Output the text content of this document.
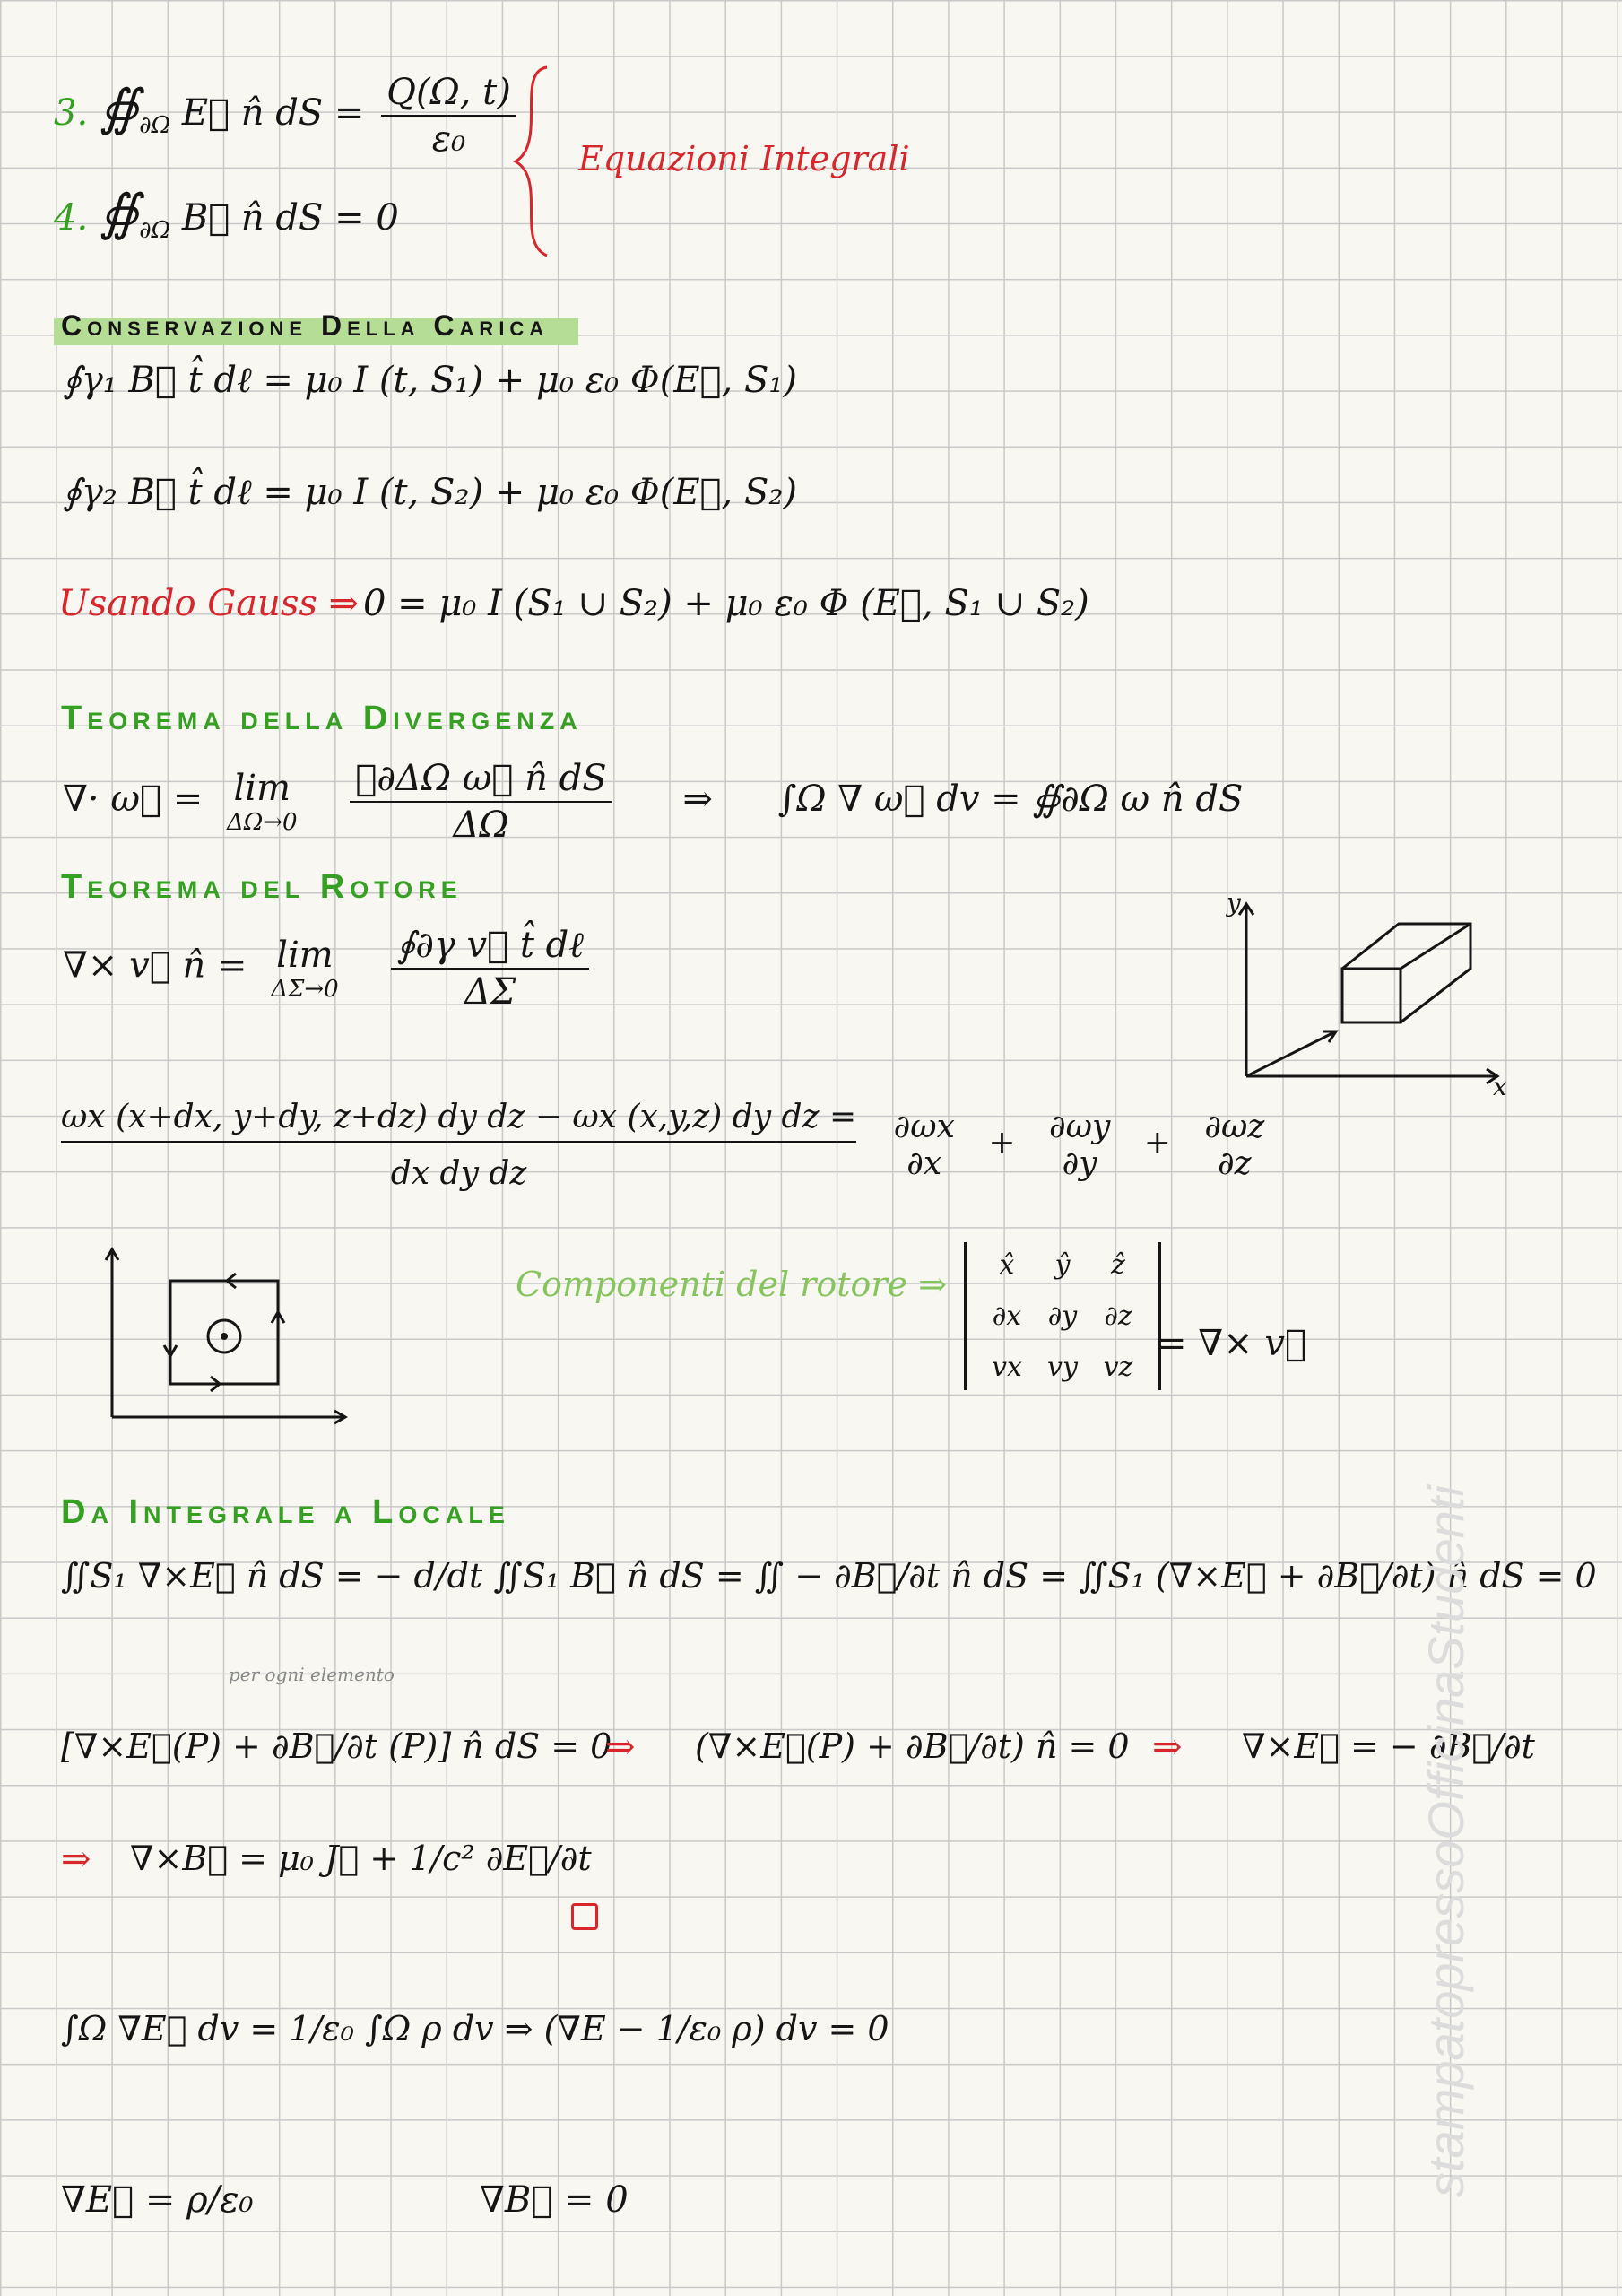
3. $∯_{\partial\Omega}$ E⃗ n̂ dS = $\frac{Q(\Omega, t)}{\text{ε₀}}$
4. $∯_{\partial\Omega}$ B⃗ n̂ dS = 0
Equazioni Integrali
Conservazione Della Carica
∮γ₁ B⃗ t̂ dℓ = μ₀ I (t, S₁) + μ₀ ε₀ Φ(E⃗, S₁)
∮γ₂ B⃗ t̂ dℓ = μ₀ I (t, S₂) + μ₀ ε₀ Φ(E⃗, S₂)
Usando Gauss ⇒ 0 = μ₀ I (S₁ ∪ S₂) + μ₀ ε₀ Φ (E⃗, S₁ ∪ S₂)
Teorema della Divergenza
∇· ω⃗ = lim
ΔΩ→0
$\frac{\text{∯∂ΔΩ ω⃗ n̂ dS}}{\Delta\Omega}$ ⇒ ∫Ω ∇ ω⃗ dv = ∯∂Ω ω n̂ dS
Teorema del Rotore
∇× v⃗ n̂ = lim
ΔΣ→0
$\frac{\text{∮∂γ v⃗ t̂ dℓ}}{\Delta\Sigma}$
y
x
$\frac{\text{ωx (x+dx, y+dy, z+dz) dy dz − ωx (x,y,z) dy dz =}}{\text{dx dy dz}}$
∂ωx
∂x
+ ∂ωy
∂y
+ ∂ωz
∂z
Componenti del rotore ⇒	x̂	ŷ	ẑ
∂x ∂y	∂z
vx vy vz
= ∇× v⃗
Da Integrale a Locale
∬S₁ ∇×E⃗ n̂ dS = − d/dt ∬S₁ B⃗ n̂ dS = ∬ − ∂B⃗/∂t n̂ dS = ∬S₁ (∇×E⃗ + ∂B⃗/∂t) n̂ dS = 0
per ogni elemento
[∇×E⃗(P) + ∂B⃗/∂t (P)] n̂ dS = 0
⇒ (∇×E⃗(P) + ∂B⃗/∂t) n̂ = 0 ⇒ ∇×E⃗ = − ∂B⃗/∂t
⇒ ∇×B⃗ = μ₀ J⃗ + 1/c² ∂E⃗/∂t
∫Ω ∇E⃗ dv = 1/ε₀ ∫Ω ρ dv ⇒ (∇E − 1/ε₀ ρ) dv = 0
∇E⃗ = ρ/ε₀	∇B⃗ = 0
stampatopressoOfficinaStudenti
